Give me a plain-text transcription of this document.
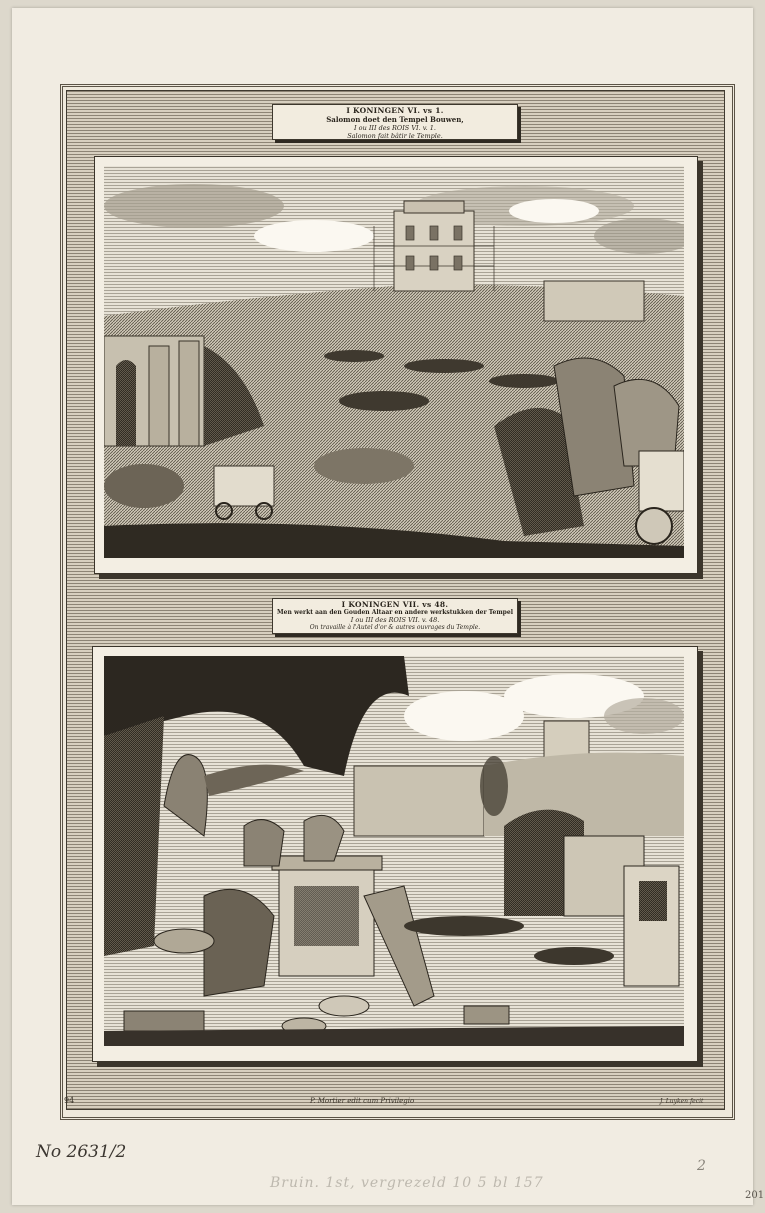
I KONINGEN VI. vs 1.
Salomon doet den Tempel Bouwen,
I ou III des ROIS VI. v. 1.
Salomon fait bâtir le Temple.
I KONINGEN VII. vs 48.
Men werkt aan den Gouden Altaar en andere werkstukken der Tempel
I ou III des ROIS VII. v. 48.
On travaille à l'Autel d'or & autres ouvrages du Temple.
94	P. Mortier edit cum Privilegio	J. Luyken fecit
No 2631/2
2
Bruin. 1st, vergrezeld 10 5 bl 157
201
